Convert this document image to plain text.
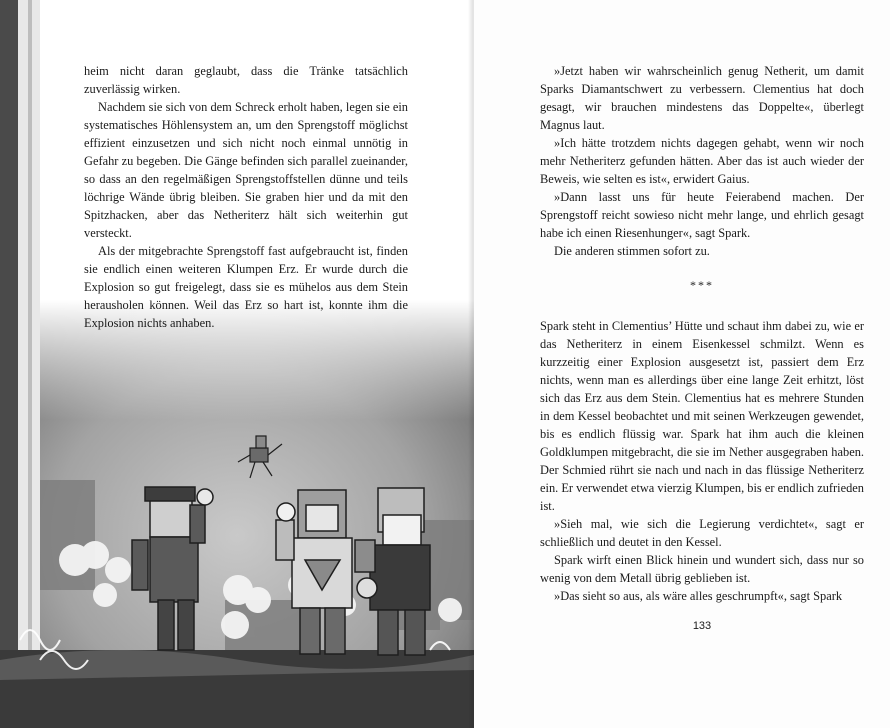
heim nicht daran geglaubt, dass die Tränke tatsächlich zuverlässig wirken.

Nachdem sie sich von dem Schreck erholt haben, legen sie ein systematisches Höhlensystem an, um den Sprengstoff möglichst effizient einzusetzen und sich nicht noch einmal unnötig in Gefahr zu begeben. Die Gänge befinden sich parallel zueinander, so dass an den regelmäßigen Sprengstoffstellen dünne und teils löchrige Wände übrig bleiben. Sie graben hier und da mit den Spitzhacken, aber das Netheriterz hält sich weiterhin gut versteckt.

Als der mitgebrachte Sprengstoff fast aufgebraucht ist, finden sie endlich einen weiteren Klumpen Erz. Er wurde durch die Explosion so gut freigelegt, dass sie es mühelos aus dem Stein herausholen können. Weil das Erz so hart ist, konnte ihm die Explosion nichts anhaben.

»Jetzt haben wir wahrscheinlich genug Netherit, um damit Sparks Diamantschwert zu verbessern. Clementius hat doch gesagt, wir brauchen mindestens das Doppelte«, überlegt Magnus laut.

»Ich hätte trotzdem nichts dagegen gehabt, wenn wir noch mehr Netheriterz gefunden hätten. Aber das ist auch wieder der Beweis, wie selten es ist«, erwidert Gaius.

»Dann lasst uns für heute Feierabend machen. Der Sprengstoff reicht sowieso nicht mehr lange, und ehrlich gesagt habe ich einen Riesenhunger«, sagt Spark.

Die anderen stimmen sofort zu.

***

Spark steht in Clementius’ Hütte und schaut ihm dabei zu, wie er das Netheriterz in einem Eisenkessel schmilzt. Wenn es kurzzeitig einer Explosion ausgesetzt ist, passiert dem Erz nichts, wenn man es allerdings über eine lange Zeit erhitzt, löst sich das Erz aus dem Stein. Clementius hat es mehrere Stunden in dem Kessel beobachtet und mit seinen Werkzeugen gewendet, bis es endlich flüssig war. Spark hat ihm auch die kleinen Goldklumpen mitgebracht, die sie im Nether ausgegraben haben. Der Schmied rührt sie nach und nach in das flüssige Netheriterz ein. Er verwendet etwa vierzig Klumpen, bis er endlich zufrieden ist.

»Sieh mal, wie sich die Legierung verdichtet«, sagt er schließlich und deutet in den Kessel.

Spark wirft einen Blick hinein und wundert sich, dass nur so wenig von dem Metall übrig geblieben ist.

»Das sieht so aus, als wäre alles geschrumpft«, sagt Spark

133
